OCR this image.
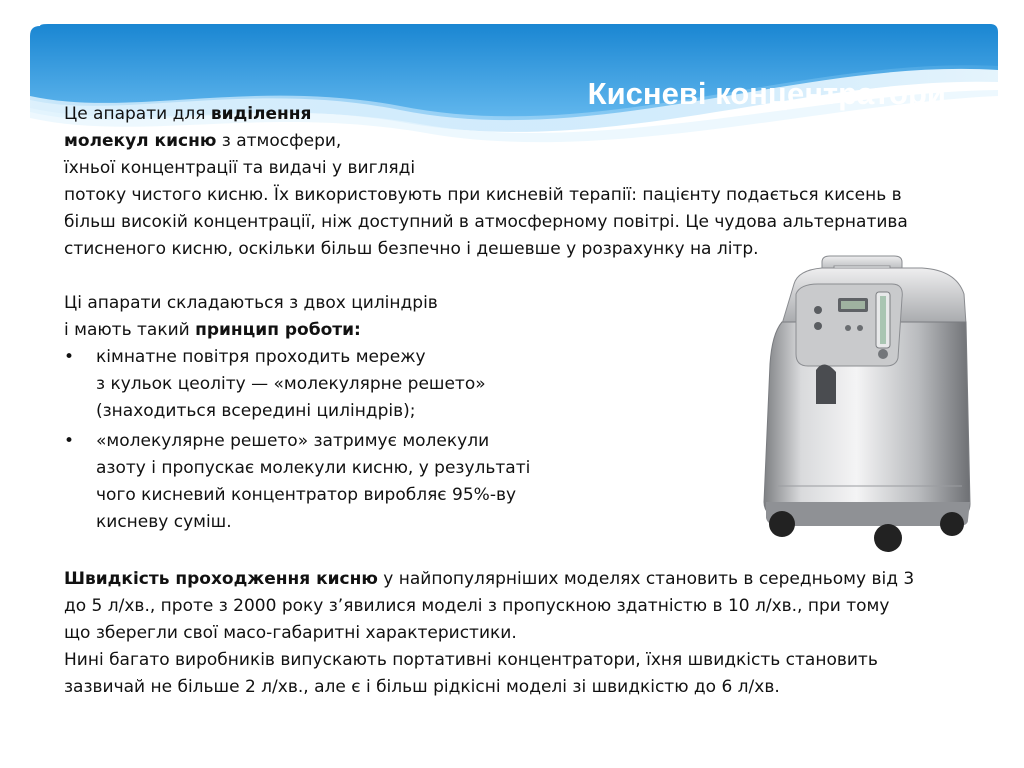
Кисневі концентратори

Це апарати для виділення

молекул кисню з атмосфери,

їхньої концентрації та видачі у вигляді

потоку чистого кисню. Їх використовують при кисневій терапії: пацієнту подається кисень в

більш високій концентрації, ніж доступний в атмосферному повітрі. Це чудова альтернатива

стисненого кисню, оскільки більш безпечно і дешевше у розрахунку на літр.

Ці апарати складаються з двох циліндрів

і мають такий принцип роботи:

• кімнатне повітря проходить мережу

з кульок цеоліту — «молекулярне решето»

(знаходиться всередині циліндрів);

• «молекулярне решето» затримує молекули

азоту і пропускає молекули кисню, у результаті

чого кисневий концентратор виробляє 95%-ву

кисневу суміш.

Швидкість проходження кисню у найпопулярніших моделях становить в середньому від 3

до 5 л/хв., проте з 2000 року з’явилися моделі з пропускною здатністю в 10 л/хв., при тому

що зберегли свої масо-габаритні характеристики.

Нині багато виробників випускають портативні концентратори, їхня швидкість становить

зазвичай не більше 2 л/хв., але є і більш рідкісні моделі зі швидкістю до 6 л/хв.
